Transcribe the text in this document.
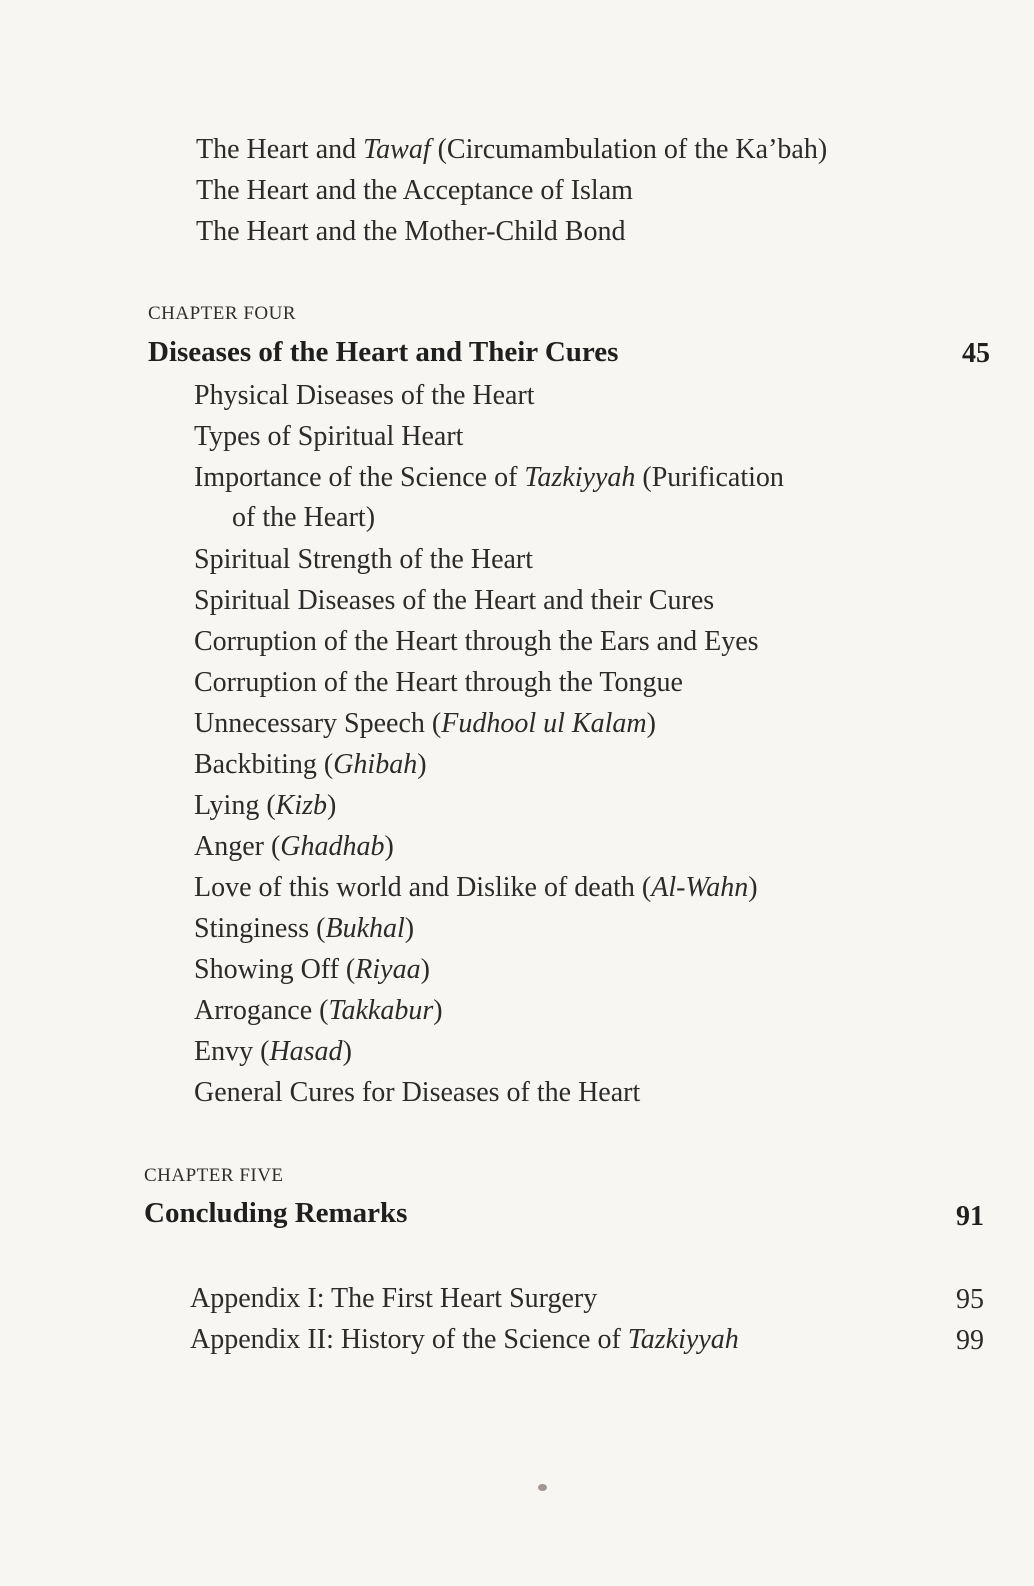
The Heart and Tawaf (Circumambulation of the Ka’bah)
The Heart and the Acceptance of Islam
The Heart and the Mother-Child Bond
CHAPTER FOUR
Diseases of the Heart and Their Cures	45
Physical Diseases of the Heart
Types of Spiritual Heart
Importance of the Science of Tazkiyyah (Purification
of the Heart)
Spiritual Strength of the Heart
Spiritual Diseases of the Heart and their Cures
Corruption of the Heart through the Ears and Eyes
Corruption of the Heart through the Tongue
Unnecessary Speech (Fudhool ul Kalam)
Backbiting (Ghibah)
Lying (Kizb)
Anger (Ghadhab)
Love of this world and Dislike of death (Al-Wahn)
Stinginess (Bukhal)
Showing Off (Riyaa)
Arrogance (Takkabur)
Envy (Hasad)
General Cures for Diseases of the Heart
CHAPTER FIVE
Concluding Remarks	91
Appendix I: The First Heart Surgery	95
Appendix II: History of the Science of Tazkiyyah	99
